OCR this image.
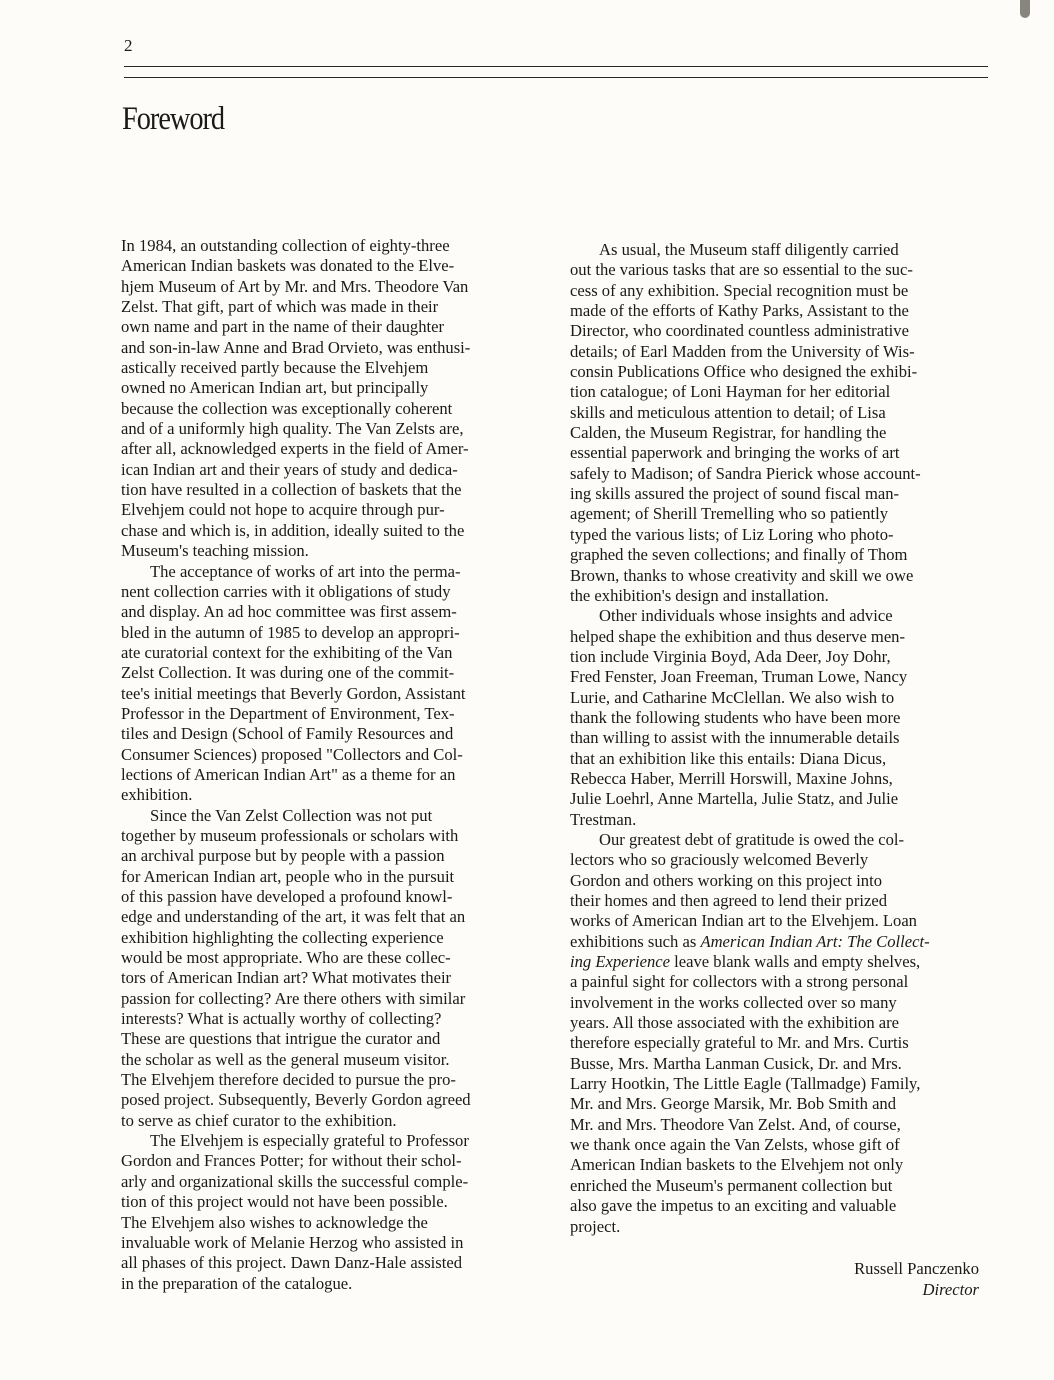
2
Foreword
In 1984, an outstanding collection of eighty-three
American Indian baskets was donated to the Elve-
hjem Museum of Art by Mr. and Mrs. Theodore Van
Zelst. That gift, part of which was made in their
own name and part in the name of their daughter
and son-in-law Anne and Brad Orvieto, was enthusi-
astically received partly because the Elvehjem
owned no American Indian art, but principally
because the collection was exceptionally coherent
and of a uniformly high quality. The Van Zelsts are,
after all, acknowledged experts in the field of Amer-
ican Indian art and their years of study and dedica-
tion have resulted in a collection of baskets that the
Elvehjem could not hope to acquire through pur-
chase and which is, in addition, ideally suited to the
Museum's teaching mission.
The acceptance of works of art into the perma-
nent collection carries with it obligations of study
and display. An ad hoc committee was first assem-
bled in the autumn of 1985 to develop an appropri-
ate curatorial context for the exhibiting of the Van
Zelst Collection. It was during one of the commit-
tee's initial meetings that Beverly Gordon, Assistant
Professor in the Department of Environment, Tex-
tiles and Design (School of Family Resources and
Consumer Sciences) proposed "Collectors and Col-
lections of American Indian Art" as a theme for an
exhibition.
Since the Van Zelst Collection was not put
together by museum professionals or scholars with
an archival purpose but by people with a passion
for American Indian art, people who in the pursuit
of this passion have developed a profound knowl-
edge and understanding of the art, it was felt that an
exhibition highlighting the collecting experience
would be most appropriate. Who are these collec-
tors of American Indian art? What motivates their
passion for collecting? Are there others with similar
interests? What is actually worthy of collecting?
These are questions that intrigue the curator and
the scholar as well as the general museum visitor.
The Elvehjem therefore decided to pursue the pro-
posed project. Subsequently, Beverly Gordon agreed
to serve as chief curator to the exhibition.
The Elvehjem is especially grateful to Professor
Gordon and Frances Potter; for without their schol-
arly and organizational skills the successful comple-
tion of this project would not have been possible.
The Elvehjem also wishes to acknowledge the
invaluable work of Melanie Herzog who assisted in
all phases of this project. Dawn Danz-Hale assisted
in the preparation of the catalogue.
As usual, the Museum staff diligently carried
out the various tasks that are so essential to the suc-
cess of any exhibition. Special recognition must be
made of the efforts of Kathy Parks, Assistant to the
Director, who coordinated countless administrative
details; of Earl Madden from the University of Wis-
consin Publications Office who designed the exhibi-
tion catalogue; of Loni Hayman for her editorial
skills and meticulous attention to detail; of Lisa
Calden, the Museum Registrar, for handling the
essential paperwork and bringing the works of art
safely to Madison; of Sandra Pierick whose account-
ing skills assured the project of sound fiscal man-
agement; of Sherill Tremelling who so patiently
typed the various lists; of Liz Loring who photo-
graphed the seven collections; and finally of Thom
Brown, thanks to whose creativity and skill we owe
the exhibition's design and installation.
Other individuals whose insights and advice
helped shape the exhibition and thus deserve men-
tion include Virginia Boyd, Ada Deer, Joy Dohr,
Fred Fenster, Joan Freeman, Truman Lowe, Nancy
Lurie, and Catharine McClellan. We also wish to
thank the following students who have been more
than willing to assist with the innumerable details
that an exhibition like this entails: Diana Dicus,
Rebecca Haber, Merrill Horswill, Maxine Johns,
Julie Loehrl, Anne Martella, Julie Statz, and Julie
Trestman.
Our greatest debt of gratitude is owed the col-
lectors who so graciously welcomed Beverly
Gordon and others working on this project into
their homes and then agreed to lend their prized
works of American Indian art to the Elvehjem. Loan
exhibitions such as American Indian Art: The Collect-
ing Experience leave blank walls and empty shelves,
a painful sight for collectors with a strong personal
involvement in the works collected over so many
years. All those associated with the exhibition are
therefore especially grateful to Mr. and Mrs. Curtis
Busse, Mrs. Martha Lanman Cusick, Dr. and Mrs.
Larry Hootkin, The Little Eagle (Tallmadge) Family,
Mr. and Mrs. George Marsik, Mr. Bob Smith and
Mr. and Mrs. Theodore Van Zelst. And, of course,
we thank once again the Van Zelsts, whose gift of
American Indian baskets to the Elvehjem not only
enriched the Museum's permanent collection but
also gave the impetus to an exciting and valuable
project.
Russell Panczenko
Director
